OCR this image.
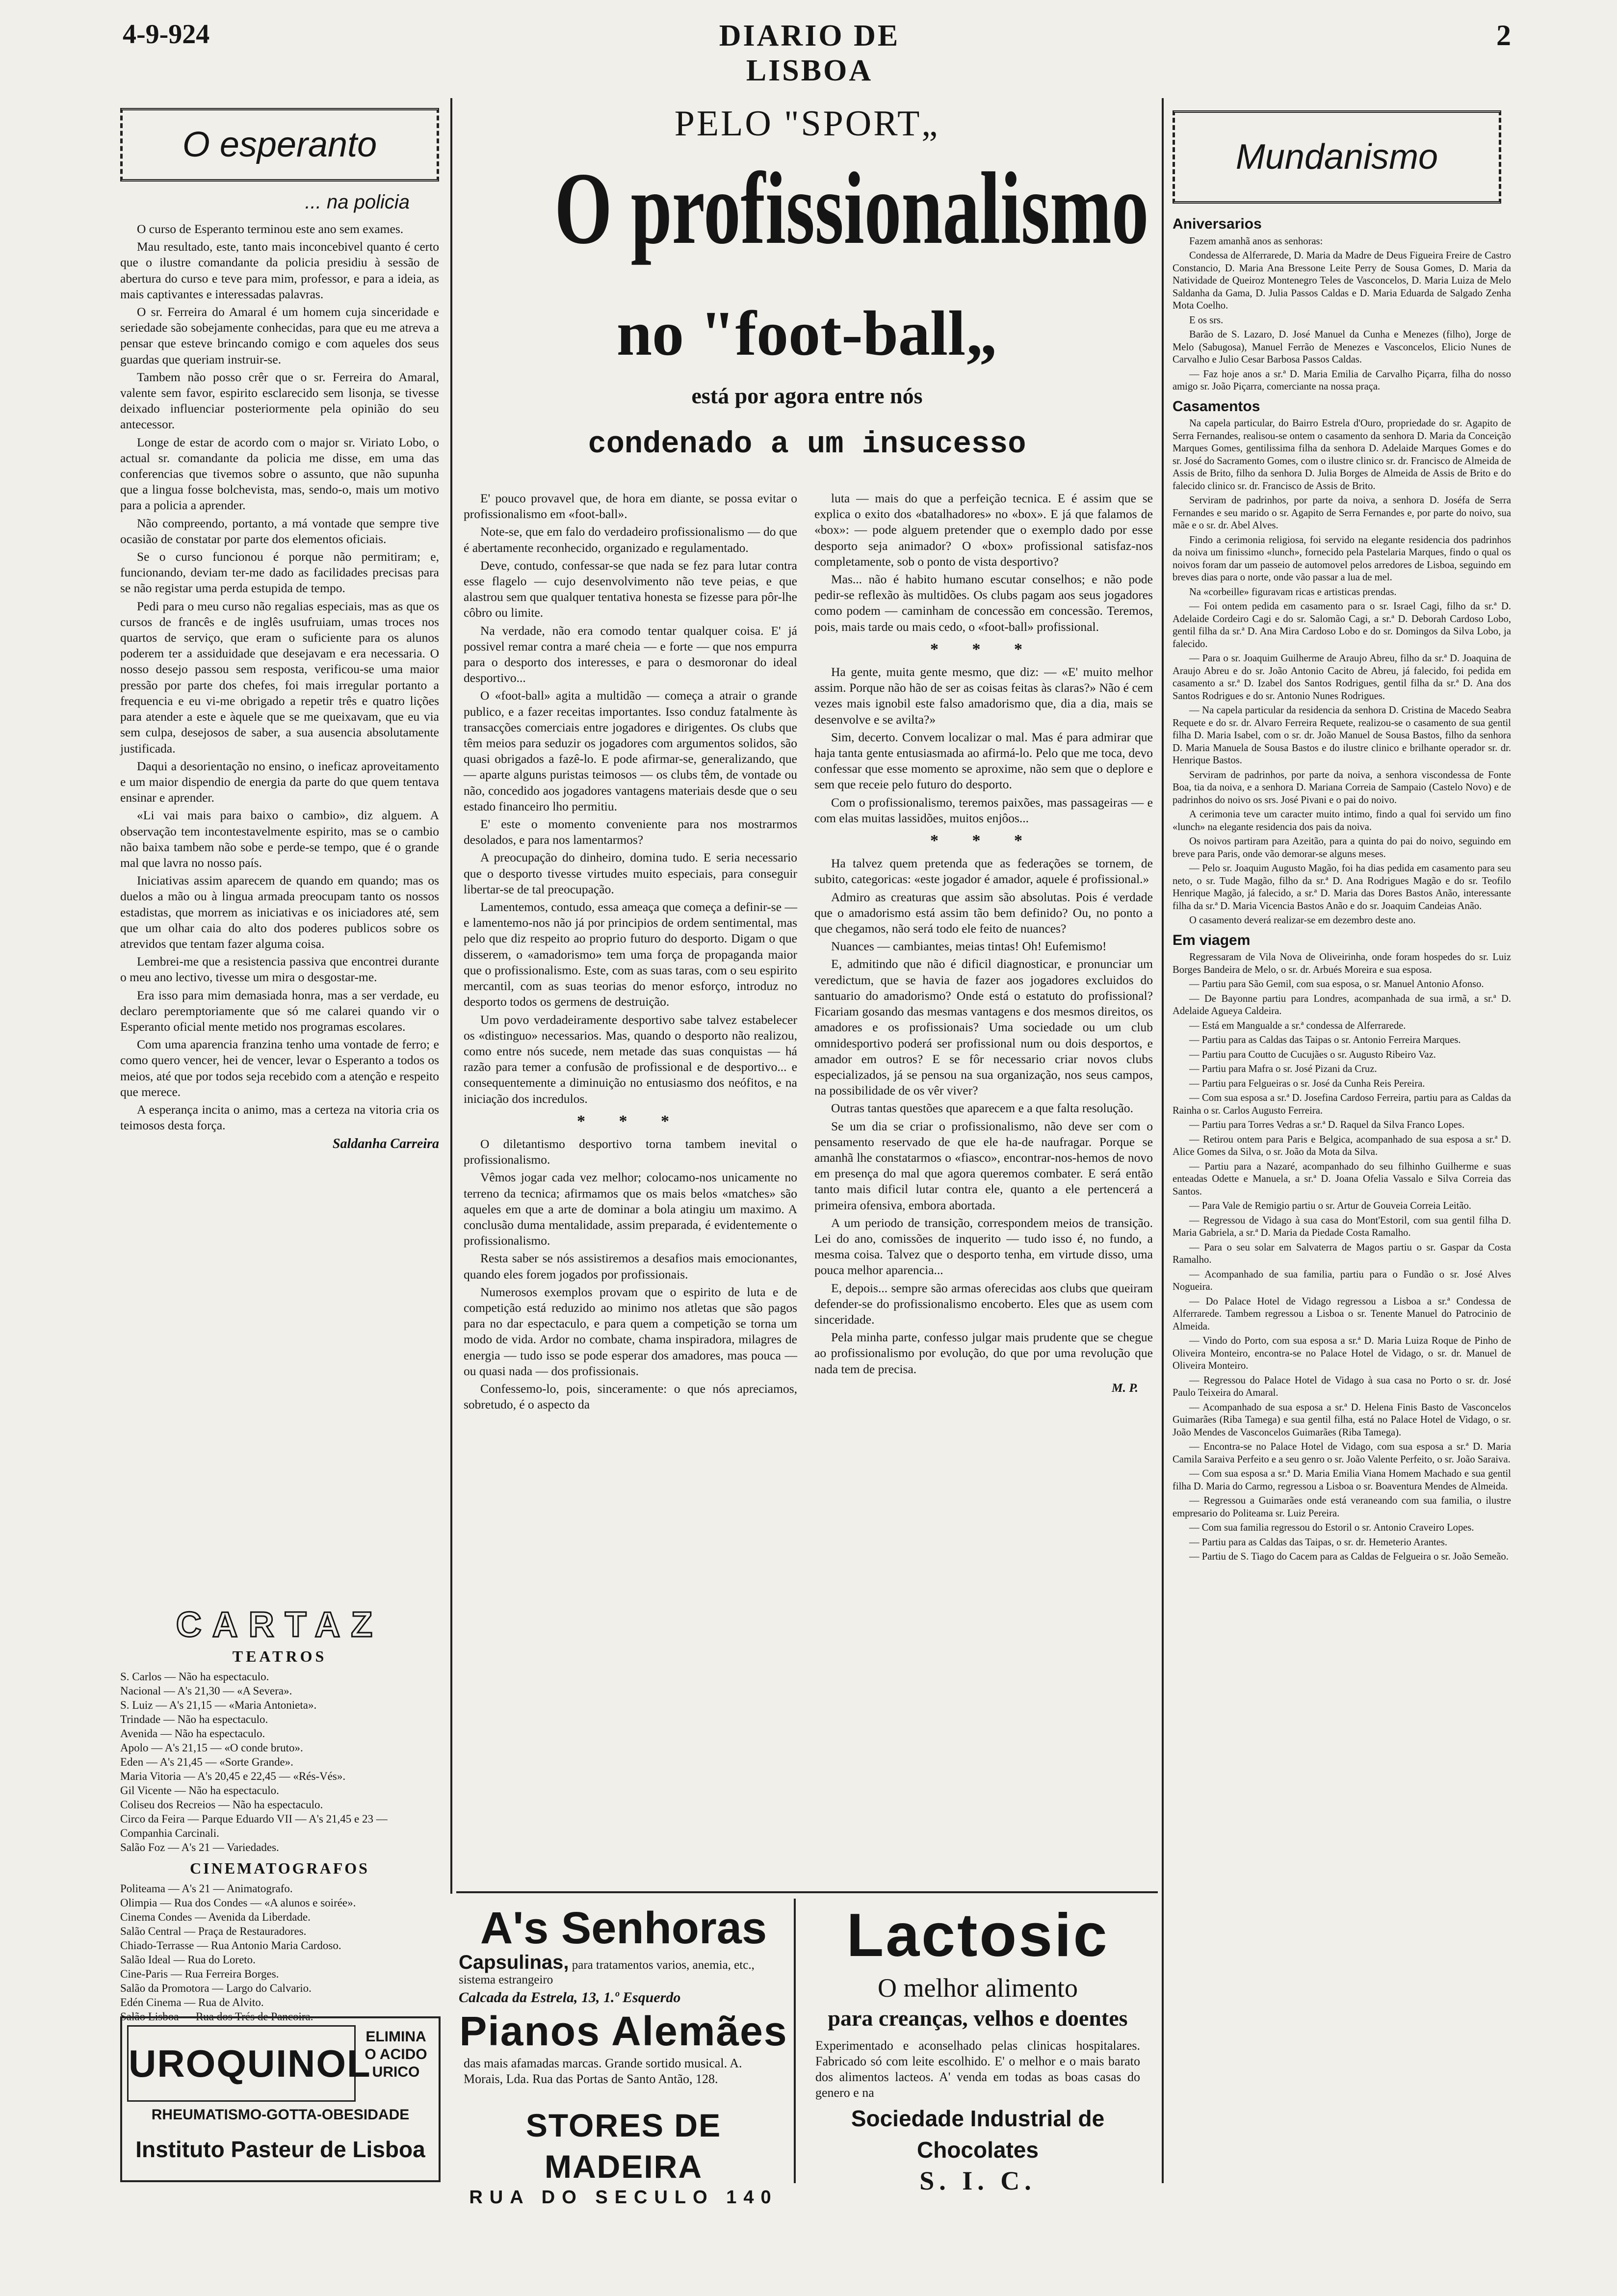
4-9-924	DIARIO DE LISBOA
2
O esperanto
... na policia

O curso de Esperanto terminou este ano sem exames.

Mau resultado, este, tanto mais inconcebivel quanto é certo que o ilustre comandante da policia presidiu à sessão de abertura do curso e teve para mim, professor, e para a ideia, as mais captivantes e interessadas palavras.

O sr. Ferreira do Amaral é um homem cuja sinceridade e seriedade são sobejamente conhecidas, para que eu me atreva a pensar que esteve brincando comigo e com aqueles dos seus guardas que queriam instruir-se.

Tambem não posso crêr que o sr. Ferreira do Amaral, valente sem favor, espirito esclarecido sem lisonja, se tivesse deixado influenciar posteriormente pela opinião do seu antecessor.

Longe de estar de acordo com o major sr. Viriato Lobo, o actual sr. comandante da policia me disse, em uma das conferencias que tivemos sobre o assunto, que não supunha que a lingua fosse bolchevista, mas, sendo-o, mais um motivo para a policia a aprender.

Não compreendo, portanto, a má vontade que sempre tive ocasião de constatar por parte dos elementos oficiais.

Se o curso funcionou é porque não permitiram; e, funcionando, deviam ter-me dado as facilidades precisas para se não registar uma perda estupida de tempo.

Pedi para o meu curso não regalias especiais, mas as que os cursos de francês e de inglês usufruiam, umas troces nos quartos de serviço, que eram o suficiente para os alunos poderem ter a assiduidade que desejavam e era necessaria. O nosso desejo passou sem resposta, verificou-se uma maior pressão por parte dos chefes, foi mais irregular portanto a frequencia e eu vi-me obrigado a repetir três e quatro lições para atender a este e àquele que se me queixavam, que eu via sem culpa, desejosos de saber, a sua ausencia absolutamente justificada.

Daqui a desorientação no ensino, o ineficaz aproveitamento e um maior dispendio de energia da parte do que quem tentava ensinar e aprender.

«Li vai mais para baixo o cambio», diz alguem. A observação tem incontestavelmente espirito, mas se o cambio não baixa tambem não sobe e perde-se tempo, que é o grande mal que lavra no nosso país.

Iniciativas assim aparecem de quando em quando; mas os duelos a mão ou à lingua armada preocupam tanto os nossos estadistas, que morrem as iniciativas e os iniciadores até, sem que um olhar caia do alto dos poderes publicos sobre os atrevidos que tentam fazer alguma coisa.

Lembrei-me que a resistencia passiva que encontrei durante o meu ano lectivo, tivesse um mira o desgostar-me.

Era isso para mim demasiada honra, mas a ser verdade, eu declaro peremptoriamente que só me calarei quando vir o Esperanto oficial mente metido nos programas escolares.

Com uma aparencia franzina tenho uma vontade de ferro; e como quero vencer, hei de vencer, levar o Esperanto a todos os meios, até que por todos seja recebido com a atenção e respeito que merece.

A esperança incita o animo, mas a certeza na vitoria cria os teimosos desta força.

Saldanha Carreira
CARTAZ
TEATROS
S. Carlos — Não ha espectaculo.
Nacional — A's 21,30 — «A Severa».
S. Luiz — A's 21,15 — «Maria Antonieta».
Trindade — Não ha espectaculo.
Avenida — Não ha espectaculo.
Apolo — A's 21,15 — «O conde bruto».
Eden — A's 21,45 — «Sorte Grande».
Maria Vitoria — A's 20,45 e 22,45 — «Rés-Vés».
Gil Vicente — Não ha espectaculo.
Coliseu dos Recreios — Não ha espectaculo.
Circo da Feira — Parque Eduardo VII — A's 21,45 e 23 — Companhia Carcinali.
Salão Foz — A's 21 — Variedades.
CINEMATOGRAFOS
Politeama — A's 21 — Animatografo.
Olimpia — Rua dos Condes — «A alunos e soirée».
Cinema Condes — Avenida da Liberdade.
Salão Central — Praça de Restauradores.
Chiado-Terrasse — Rua Antonio Maria Cardoso.
Salão Ideal — Rua do Loreto.
Cine-Paris — Rua Ferreira Borges.
Salão da Promotora — Largo do Calvario.
Edén Cinema — Rua de Alvito.
Salão Lisboa — Rua dos Trés de Pancoira.
UROQUINOL
ELIMINA O ACIDO URICO
RHEUMATISMO-GOTTA-OBESIDADE
Instituto Pasteur de Lisboa
PELO "SPORT„
O profissionalismo
no "foot-ball„
está por agora entre nós
condenado a um insucesso

E' pouco provavel que, de hora em diante, se possa evitar o profissionalismo em «foot-ball».

Note-se, que em falo do verdadeiro profissionalismo — do que é abertamente reconhecido, organizado e regulamentado.

Deve, contudo, confessar-se que nada se fez para lutar contra esse flagelo — cujo desenvolvimento não teve peias, e que alastrou sem que qualquer tentativa honesta se fizesse para pôr-lhe côbro ou limite.

Na verdade, não era comodo tentar qualquer coisa. E' já possivel remar contra a maré cheia — e forte — que nos empurra para o desporto dos interesses, e para o desmoronar do ideal desportivo...

O «foot-ball» agita a multidão — começa a atrair o grande publico, e a fazer receitas importantes. Isso conduz fatalmente às transacções comerciais entre jogadores e dirigentes. Os clubs que têm meios para seduzir os jogadores com argumentos solidos, são quasi obrigados a fazê-lo. E pode afirmar-se, generalizando, que — aparte alguns puristas teimosos — os clubs têm, de vontade ou não, concedido aos jogadores vantagens materiais desde que o seu estado financeiro lho permitiu.

E' este o momento conveniente para nos mostrarmos desolados, e para nos lamentarmos?

A preocupação do dinheiro, domina tudo. E seria necessario que o desporto tivesse virtudes muito especiais, para conseguir libertar-se de tal preocupação.

Lamentemos, contudo, essa ameaça que começa a definir-se — e lamentemo-nos não já por principios de ordem sentimental, mas pelo que diz respeito ao proprio futuro do desporto. Digam o que disserem, o «amadorismo» tem uma força de propaganda maior que o profissionalismo. Este, com as suas taras, com o seu espirito mercantil, com as suas teorias do menor esforço, introduz no desporto todos os germens de destruição.

Um povo verdadeiramente desportivo sabe talvez estabelecer os «distinguo» necessarios. Mas, quando o desporto não realizou, como entre nós sucede, nem metade das suas conquistas — há razão para temer a confusão de profissional e de desportivo... e consequentemente a diminuição no entusiasmo dos neófitos, e na iniciação dos incredulos.

* * *

O diletantismo desportivo torna tambem inevital o profissionalismo.

Vêmos jogar cada vez melhor; colocamo-nos unicamente no terreno da tecnica; afirmamos que os mais belos «matches» são aqueles em que a arte de dominar a bola atingiu um maximo. A conclusão duma mentalidade, assim preparada, é evidentemente o profissionalismo.

Resta saber se nós assistiremos a desafios mais emocionantes, quando eles forem jogados por profissionais.

Numerosos exemplos provam que o espirito de luta e de competição está reduzido ao minimo nos atletas que são pagos para no dar espectaculo, e para quem a competição se torna um modo de vida. Ardor no combate, chama inspiradora, milagres de energia — tudo isso se pode esperar dos amadores, mas pouca — ou quasi nada — dos profissionais.

Confessemo-lo, pois, sinceramente: o que nós apreciamos, sobretudo, é o aspecto da

luta — mais do que a perfeição tecnica. E é assim que se explica o exito dos «batalhadores» no «box». E já que falamos de «box»: — pode alguem pretender que o exemplo dado por esse desporto seja animador? O «box» profissional satisfaz-nos completamente, sob o ponto de vista desportivo?

Mas... não é habito humano escutar conselhos; e não pode pedir-se reflexão às multidões. Os clubs pagam aos seus jogadores como podem — caminham de concessão em concessão. Teremos, pois, mais tarde ou mais cedo, o «foot-ball» profissional.

* * *

Ha gente, muita gente mesmo, que diz: — «E' muito melhor assim. Porque não hão de ser as coisas feitas às claras?» Não é cem vezes mais ignobil este falso amadorismo que, dia a dia, mais se desenvolve e se avilta?»

Sim, decerto. Convem localizar o mal. Mas é para admirar que haja tanta gente entusiasmada ao afirmá-lo. Pelo que me toca, devo confessar que esse momento se aproxime, não sem que o deplore e sem que receie pelo futuro do desporto.

Com o profissionalismo, teremos paixões, mas passageiras — e com elas muitas lassidões, muitos enjôos...

* * *

Ha talvez quem pretenda que as federações se tornem, de subito, categoricas: «este jogador é amador, aquele é profissional.»

Admiro as creaturas que assim são absolutas. Pois é verdade que o amadorismo está assim tão bem definido? Ou, no ponto a que chegamos, não será todo ele feito de nuances?

Nuances — cambiantes, meias tintas! Oh! Eufemismo!

E, admitindo que não é dificil diagnosticar, e pronunciar um veredictum, que se havia de fazer aos jogadores excluidos do santuario do amadorismo? Onde está o estatuto do profissional? Ficariam gosando das mesmas vantagens e dos mesmos direitos, os amadores e os profissionais? Uma sociedade ou um club omnidesportivo poderá ser profissional num ou dois desportos, e amador em outros? E se fôr necessario criar novos clubs especializados, já se pensou na sua organização, nos seus campos, na possibilidade de os vêr viver?

Outras tantas questões que aparecem e a que falta resolução.

Se um dia se criar o profissionalismo, não deve ser com o pensamento reservado de que ele ha-de naufragar. Porque se amanhã lhe constatarmos o «fiasco», encontrar-nos-hemos de novo em presença do mal que agora queremos combater. E será então tanto mais dificil lutar contra ele, quanto a ele pertencerá a primeira ofensiva, embora abortada.

A um periodo de transição, correspondem meios de transição. Lei do ano, comissões de inquerito — tudo isso é, no fundo, a mesma coisa. Talvez que o desporto tenha, em virtude disso, uma pouca melhor aparencia...

E, depois... sempre são armas oferecidas aos clubs que queiram defender-se do profissionalismo encoberto. Eles que as usem com sinceridade.

Pela minha parte, confesso julgar mais prudente que se chegue ao profissionalismo por evolução, do que por uma revolução que nada tem de precisa.

M. P.
A's Senhoras
Capsulinas, para tratamentos varios, anemia, etc., sistema estrangeiro
Calcada da Estrela, 13, 1.º Esquerdo
Pianos Alemães
das mais afamadas marcas. Grande sortido musical. A. Morais, Lda. Rua das Portas de Santo Antão, 128.
STORES DE MADEIRA
RUA DO SECULO 140
Lactosic
O melhor alimento
para creanças, velhos e doentes
Experimentado e aconselhado pelas clinicas hospitalares. Fabricado só com leite escolhido. E' o melhor e o mais barato dos alimentos lacteos. A' venda em todas as boas casas do genero e na
Sociedade Industrial de Chocolates
S. I. C.
Mundanismo
Aniversarios

Fazem amanhã anos as senhoras:

Condessa de Alferrarede, D. Maria da Madre de Deus Figueira Freire de Castro Constancio, D. Maria Ana Bressone Leite Perry de Sousa Gomes, D. Maria da Natividade de Queiroz Montenegro Teles de Vasconcelos, D. Maria Luiza de Melo Saldanha da Gama, D. Julia Passos Caldas e D. Maria Eduarda de Salgado Zenha Mota Coelho.

E os srs.

Barão de S. Lazaro, D. José Manuel da Cunha e Menezes (filho), Jorge de Melo (Sabugosa), Manuel Ferrão de Menezes e Vasconcelos, Elicio Nunes de Carvalho e Julio Cesar Barbosa Passos Caldas.

— Faz hoje anos a sr.ª D. Maria Emilia de Carvalho Piçarra, filha do nosso amigo sr. João Piçarra, comerciante na nossa praça.

Casamentos

Na capela particular, do Bairro Estrela d'Ouro, propriedade do sr. Agapito de Serra Fernandes, realisou-se ontem o casamento da senhora D. Maria da Conceição Marques Gomes, gentilissima filha da senhora D. Adelaide Marques Gomes e do sr. José do Sacramento Gomes, com o ilustre clinico sr. dr. Francisco de Almeida de Assis de Brito, filho da senhora D. Julia Borges de Almeida de Assis de Brito e do falecido clinico sr. dr. Francisco de Assis de Brito.

Serviram de padrinhos, por parte da noiva, a senhora D. Joséfa de Serra Fernandes e seu marido o sr. Agapito de Serra Fernandes e, por parte do noivo, sua mãe e o sr. dr. Abel Alves.

Findo a cerimonia religiosa, foi servido na elegante residencia dos padrinhos da noiva um finissimo «lunch», fornecido pela Pastelaria Marques, findo o qual os noivos foram dar um passeio de automovel pelos arredores de Lisboa, seguindo em breves dias para o norte, onde vão passar a lua de mel.

Na «corbeille» figuravam ricas e artisticas prendas.

— Foi ontem pedida em casamento para o sr. Israel Cagi, filho da sr.ª D. Adelaide Cordeiro Cagi e do sr. Salomão Cagi, a sr.ª D. Deborah Cardoso Lobo, gentil filha da sr.ª D. Ana Mira Cardoso Lobo e do sr. Domingos da Silva Lobo, ja falecido.

— Para o sr. Joaquim Guilherme de Araujo Abreu, filho da sr.ª D. Joaquina de Araujo Abreu e do sr. João Antonio Cacito de Abreu, já falecido, foi pedida em casamento a sr.ª D. Izabel dos Santos Rodrigues, gentil filha da sr.ª D. Ana dos Santos Rodrigues e do sr. Antonio Nunes Rodrigues.

— Na capela particular da residencia da senhora D. Cristina de Macedo Seabra Requete e do sr. dr. Alvaro Ferreira Requete, realizou-se o casamento de sua gentil filha D. Maria Isabel, com o sr. dr. João Manuel de Sousa Bastos, filho da senhora D. Maria Manuela de Sousa Bastos e do ilustre clinico e brilhante operador sr. dr. Henrique Bastos.

Serviram de padrinhos, por parte da noiva, a senhora viscondessa de Fonte Boa, tia da noiva, e a senhora D. Mariana Correia de Sampaio (Castelo Novo) e de padrinhos do noivo os srs. José Pivani e o pai do noivo.

A cerimonia teve um caracter muito intimo, findo a qual foi servido um fino «lunch» na elegante residencia dos pais da noiva.

Os noivos partiram para Azeitão, para a quinta do pai do noivo, seguindo em breve para Paris, onde vão demorar-se alguns meses.

— Pelo sr. Joaquim Augusto Magão, foi ha dias pedida em casamento para seu neto, o sr. Tude Magão, filho da sr.ª D. Ana Rodrigues Magão e do sr. Teofilo Henrique Magão, já falecido, a sr.ª D. Maria das Dores Bastos Anão, interessante filha da sr.ª D. Maria Vicencia Bastos Anão e do sr. Joaquim Candeias Anão.

O casamento deverá realizar-se em dezembro deste ano.

Em viagem

Regressaram de Vila Nova de Oliveirinha, onde foram hospedes do sr. Luiz Borges Bandeira de Melo, o sr. dr. Arbués Moreira e sua esposa.

— Partiu para São Gemil, com sua esposa, o sr. Manuel Antonio Afonso.

— De Bayonne partiu para Londres, acompanhada de sua irmã, a sr.ª D. Adelaide Agueya Caldeira.

— Está em Mangualde a sr.ª condessa de Alferrarede.

— Partiu para as Caldas das Taipas o sr. Antonio Ferreira Marques.

— Partiu para Coutto de Cucujães o sr. Augusto Ribeiro Vaz.

— Partiu para Mafra o sr. José Pizani da Cruz.

— Partiu para Felgueiras o sr. José da Cunha Reis Pereira.

— Com sua esposa a sr.ª D. Josefina Cardoso Ferreira, partiu para as Caldas da Rainha o sr. Carlos Augusto Ferreira.

— Partiu para Torres Vedras a sr.ª D. Raquel da Silva Franco Lopes.

— Retirou ontem para Paris e Belgica, acompanhado de sua esposa a sr.ª D. Alice Gomes da Silva, o sr. João da Mota da Silva.

— Partiu para a Nazaré, acompanhado do seu filhinho Guilherme e suas enteadas Odette e Manuela, a sr.ª D. Joana Ofelia Vassalo e Silva Correia das Santos.

— Para Vale de Remigio partiu o sr. Artur de Gouveia Correia Leitão.

— Regressou de Vidago à sua casa do Mont'Estoril, com sua gentil filha D. Maria Gabriela, a sr.ª D. Maria da Piedade Costa Ramalho.

— Para o seu solar em Salvaterra de Magos partiu o sr. Gaspar da Costa Ramalho.

— Acompanhado de sua familia, partiu para o Fundão o sr. José Alves Nogueira.

— Do Palace Hotel de Vidago regressou a Lisboa a sr.ª Condessa de Alferrarede. Tambem regressou a Lisboa o sr. Tenente Manuel do Patrocinio de Almeida.

— Vindo do Porto, com sua esposa a sr.ª D. Maria Luiza Roque de Pinho de Oliveira Monteiro, encontra-se no Palace Hotel de Vidago, o sr. dr. Manuel de Oliveira Monteiro.

— Regressou do Palace Hotel de Vidago à sua casa no Porto o sr. dr. José Paulo Teixeira do Amaral.

— Acompanhado de sua esposa a sr.ª D. Helena Finis Basto de Vasconcelos Guimarães (Riba Tamega) e sua gentil filha, está no Palace Hotel de Vidago, o sr. João Mendes de Vasconcelos Guimarães (Riba Tamega).

— Encontra-se no Palace Hotel de Vidago, com sua esposa a sr.ª D. Maria Camila Saraiva Perfeito e a seu genro o sr. João Valente Perfeito, o sr. João Saraiva.

— Com sua esposa a sr.ª D. Maria Emilia Viana Homem Machado e sua gentil filha D. Maria do Carmo, regressou a Lisboa o sr. Boaventura Mendes de Almeida.

— Regressou a Guimarães onde está veraneando com sua familia, o ilustre empresario do Politeama sr. Luiz Pereira.

— Com sua familia regressou do Estoril o sr. Antonio Craveiro Lopes.

— Partiu para as Caldas das Taipas, o sr. dr. Hemeterio Arantes.

— Partiu de S. Tiago do Cacem para as Caldas de Felgueira o sr. João Semeão.
